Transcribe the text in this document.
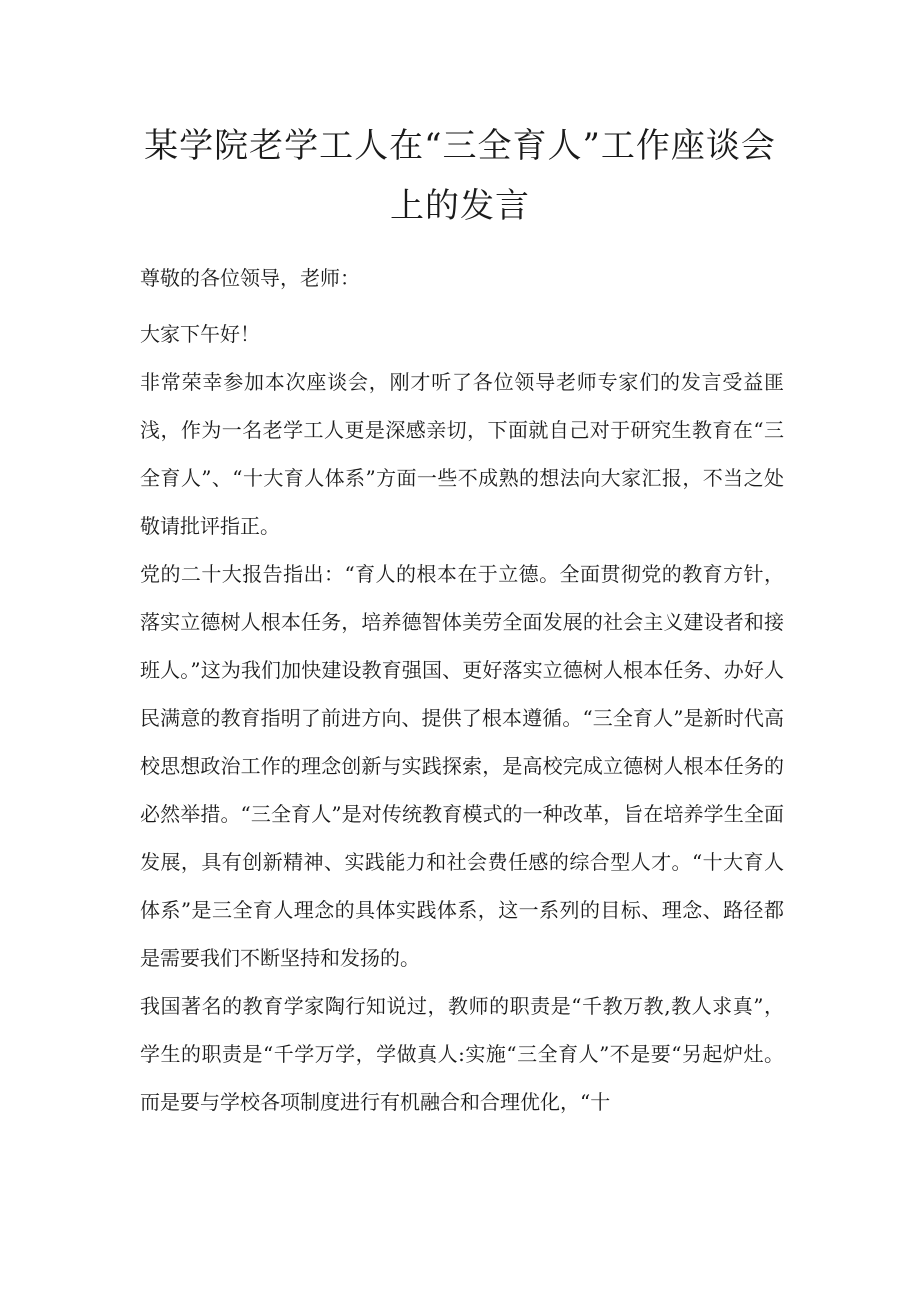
某学院老学工人在“三全育人”工作座谈会
上的发言

尊敬的各位领导，老师：

大家下午好！

非常荣幸参加本次座谈会，刚才听了各位领导老师专家们的发言受益匪浅，作为一名老学工人更是深感亲切，下面就自己对于研究生教育在“三全育人”、“十大育人体系”方面一些不成熟的想法向大家汇报，不当之处敬请批评指正。

党的二十大报告指出：“育人的根本在于立德。全面贯彻党的教育方针，落实立德树人根本任务，培养德智体美劳全面发展的社会主义建设者和接班人。”这为我们加快建设教育强国、更好落实立德树人根本任务、办好人民满意的教育指明了前进方向、提供了根本遵循。“三全育人”是新时代高校思想政治工作的理念创新与实践探索，是高校完成立德树人根本任务的必然举措。“三全育人”是对传统教育模式的一种改革，旨在培养学生全面发展，具有创新精神、实践能力和社会费任感的综合型人才。“十大育人体系”是三全育人理念的具体实践体系，这一系列的目标、理念、路径都是需要我们不断坚持和发扬的。

我国著名的教育学家陶行知说过，教师的职责是“千教万教,教人求真”，学生的职责是“千学万学，学做真人:实施“三全育人”不是要“另起炉灶。而是要与学校各项制度进行有机融合和合理优化，“十
